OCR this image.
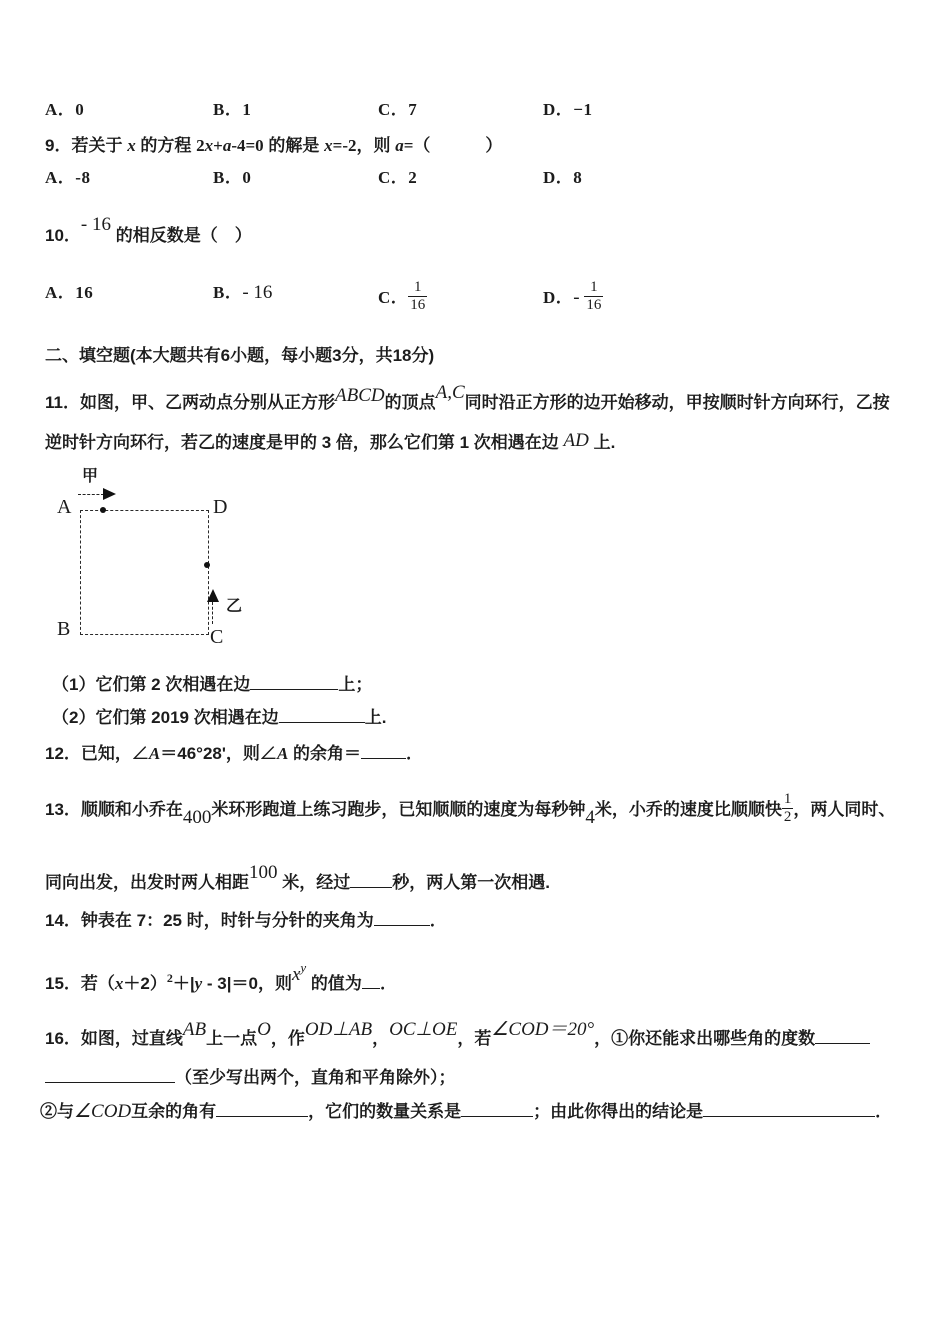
甲
A	D
B	C
乙
A．0	B．1	C．7	D．−1
9．若关于 x 的方程 2x+a-4=0 的解是 x=-2，则 a=（	）
A．-8	B．0	C．2	D．8
10．- 16 的相反数是（　）
A．16	B．- 16	C． $\frac{1}{16}$	D．- $\frac{1}{16}$
二、填空题(本大题共有6小题，每小题3分，共18分)
11．如图，甲、乙两动点分别从正方形ABCD的顶点A,C同时沿正方形的边开始移动，甲按顺时针方向环行，乙按
逆时针方向环行，若乙的速度是甲的 3 倍，那么它们第 1 次相遇在边 AD 上.
（1）它们第 2 次相遇在边	上；
（2）它们第 2019 次相遇在边	上.
12．已知，∠A＝46°28'，则∠A 的余角＝	．
13．顺顺和小乔在400米环形跑道上练习跑步，已知顺顺的速度为每秒钟4米，小乔的速度比顺顺快 $\frac{1}{2}$ ，两人同时、
同向出发，出发时两人相距100 米，经过 秒，两人第一次相遇.
14．钟表在 7：25 时，时针与分针的夹角为	．
15．若$(x+2)^2+|y - 3|=0$，则$x^y$ 的值为 ．
16．如图，过直线AB上一点O，作OD⊥AB，OC⊥OE，若∠COD＝20°，①你还能求出哪些角的度数
（至少写出两个，直角和平角除外）；
②与∠COD互余的角有	，它们的数量关系是	；由此你得出的结论是	．
